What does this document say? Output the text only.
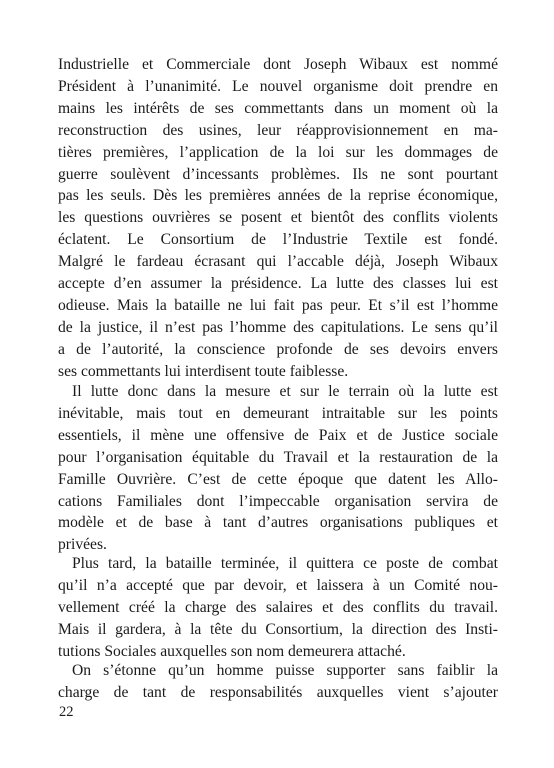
Industrielle et Commerciale dont Joseph Wibaux est nommé
Président à l’unanimité. Le nouvel organisme doit prendre en
mains les intérêts de ses commettants dans un moment où la
reconstruction des usines, leur réapprovisionnement en ma-
tières premières, l’application de la loi sur les dommages de
guerre soulèvent d’incessants problèmes. Ils ne sont pourtant
pas les seuls. Dès les premières années de la reprise économique,
les questions ouvrières se posent et bientôt des conflits violents
éclatent. Le Consortium de l’Industrie Textile est fondé.
Malgré le fardeau écrasant qui l’accable déjà, Joseph Wibaux
accepte d’en assumer la présidence. La lutte des classes lui est
odieuse. Mais la bataille ne lui fait pas peur. Et s’il est l’homme
de la justice, il n’est pas l’homme des capitulations. Le sens qu’il
a de l’autorité, la conscience profonde de ses devoirs envers
ses commettants lui interdisent toute faiblesse.
Il lutte donc dans la mesure et sur le terrain où la lutte est
inévitable, mais tout en demeurant intraitable sur les points
essentiels, il mène une offensive de Paix et de Justice sociale
pour l’organisation équitable du Travail et la restauration de la
Famille Ouvrière. C’est de cette époque que datent les Allo-
cations Familiales dont l’impeccable organisation servira de
modèle et de base à tant d’autres organisations publiques et
privées.
Plus tard, la bataille terminée, il quittera ce poste de combat
qu’il n’a accepté que par devoir, et laissera à un Comité nou-
vellement créé la charge des salaires et des conflits du travail.
Mais il gardera, à la tête du Consortium, la direction des Insti-
tutions Sociales auxquelles son nom demeurera attaché.
On s’étonne qu’un homme puisse supporter sans faiblir la
charge de tant de responsabilités auxquelles vient s’ajouter
22
